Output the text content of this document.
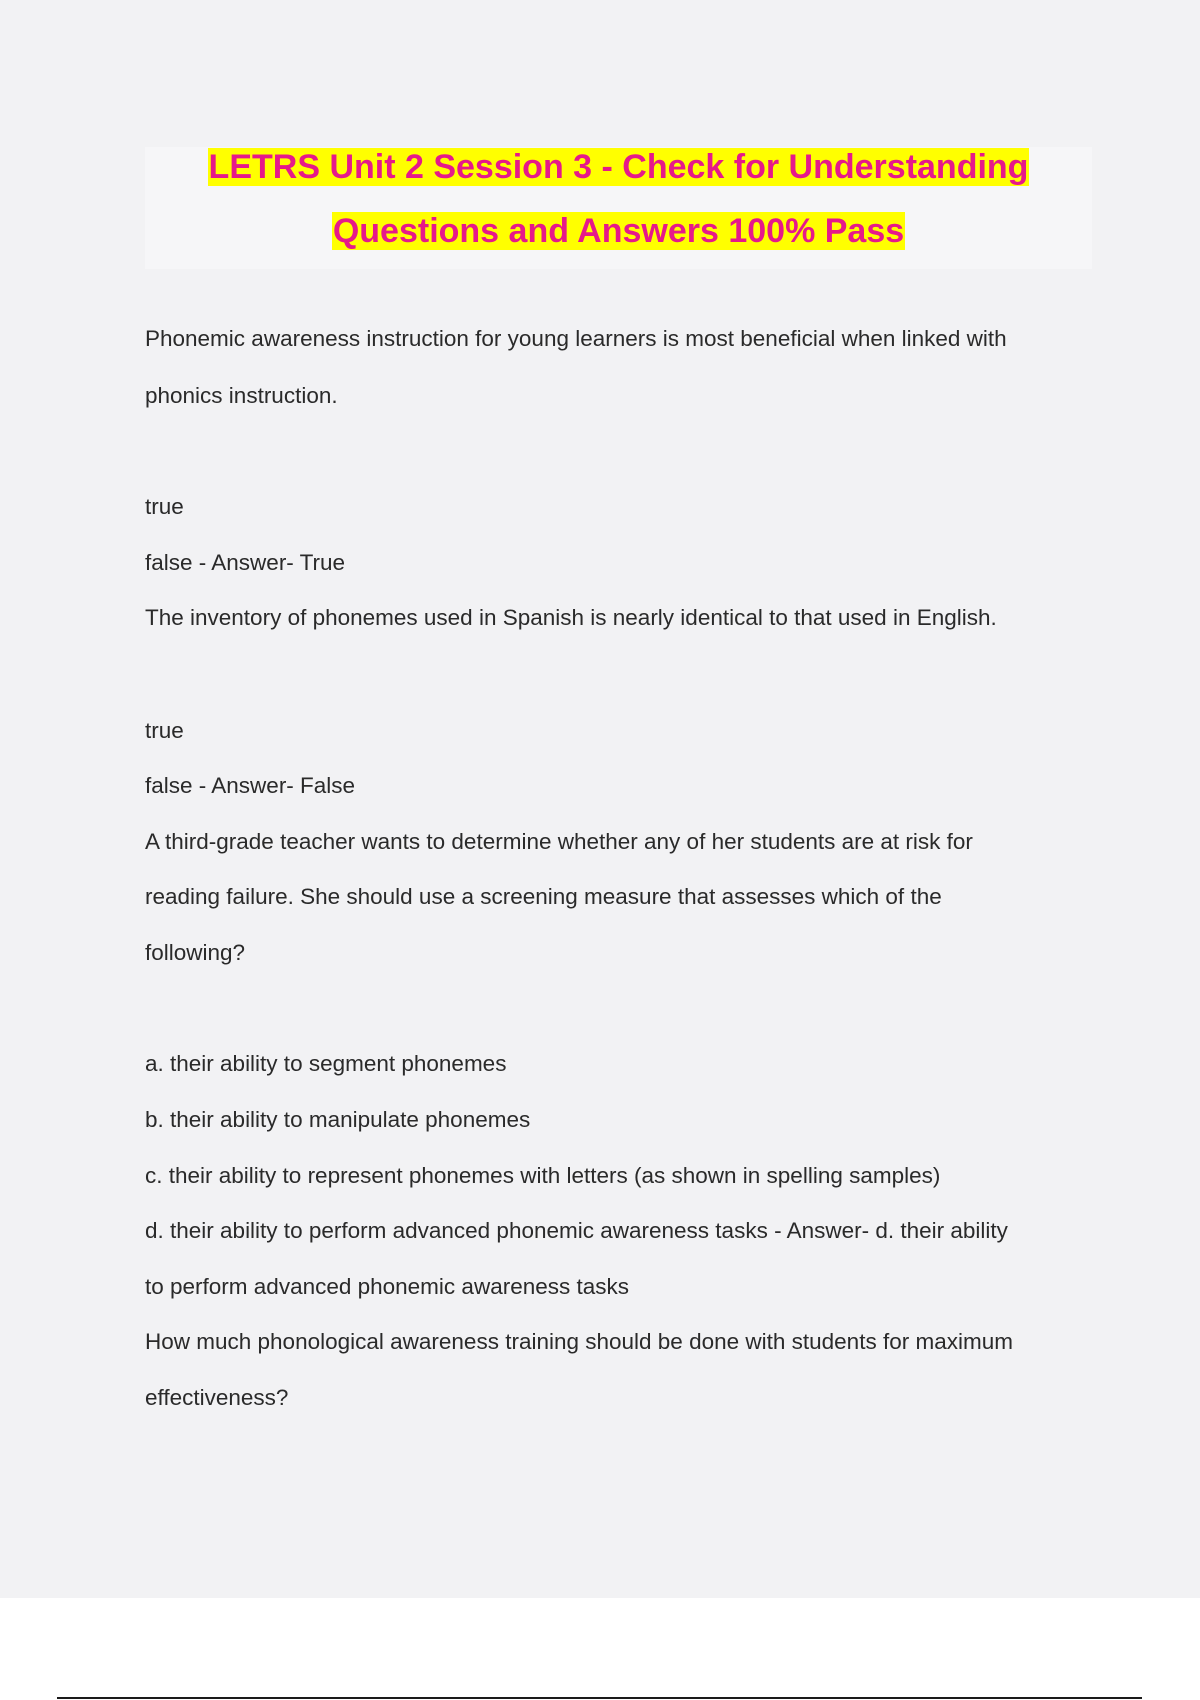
LETRS Unit 2 Session 3 - Check for Understanding
Questions and Answers 100% Pass
Phonemic awareness instruction for young learners is most beneficial when linked with
phonics instruction.
true
false - Answer- True
The inventory of phonemes used in Spanish is nearly identical to that used in English.
true
false - Answer- False
A third-grade teacher wants to determine whether any of her students are at risk for
reading failure. She should use a screening measure that assesses which of the
following?
a. their ability to segment phonemes
b. their ability to manipulate phonemes
c. their ability to represent phonemes with letters (as shown in spelling samples)
d. their ability to perform advanced phonemic awareness tasks - Answer- d. their ability
to perform advanced phonemic awareness tasks
How much phonological awareness training should be done with students for maximum
effectiveness?
